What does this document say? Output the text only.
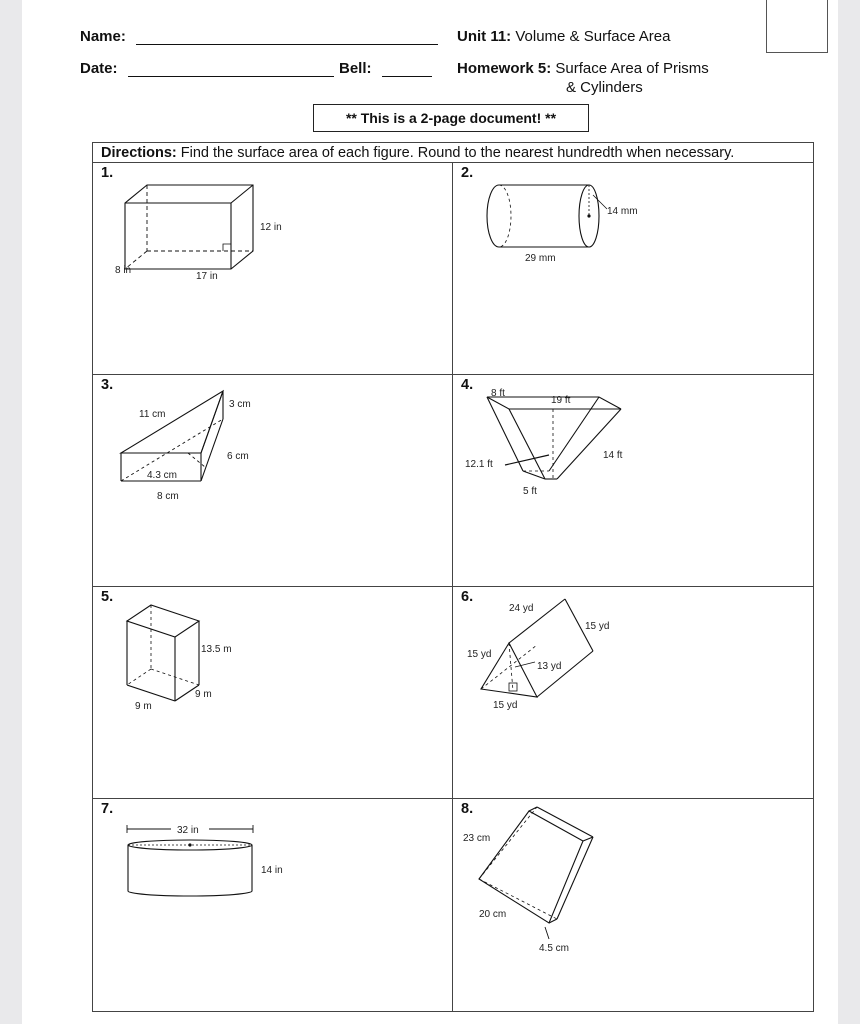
Name:
Date:	Bell:
Unit 11: Volume & Surface Area
Homework 5: Surface Area of Prisms
& Cylinders
** This is a 2-page document! **
Directions: Find the surface area of each figure. Round to the nearest hundredth when necessary.
1.
12 in
8 in
17 in
2.
14 mm
29 mm
3.
11 cm
3 cm
6 cm
4.3 cm
8 cm
4.
8 ft
19 ft
14 ft
12.1 ft
5 ft
5.
13.5 m
9 m
9 m
6.
24 yd
15 yd
15 yd
13 yd
15 yd
7.
32 in
14 in
8.
23 cm
20 cm
4.5 cm
